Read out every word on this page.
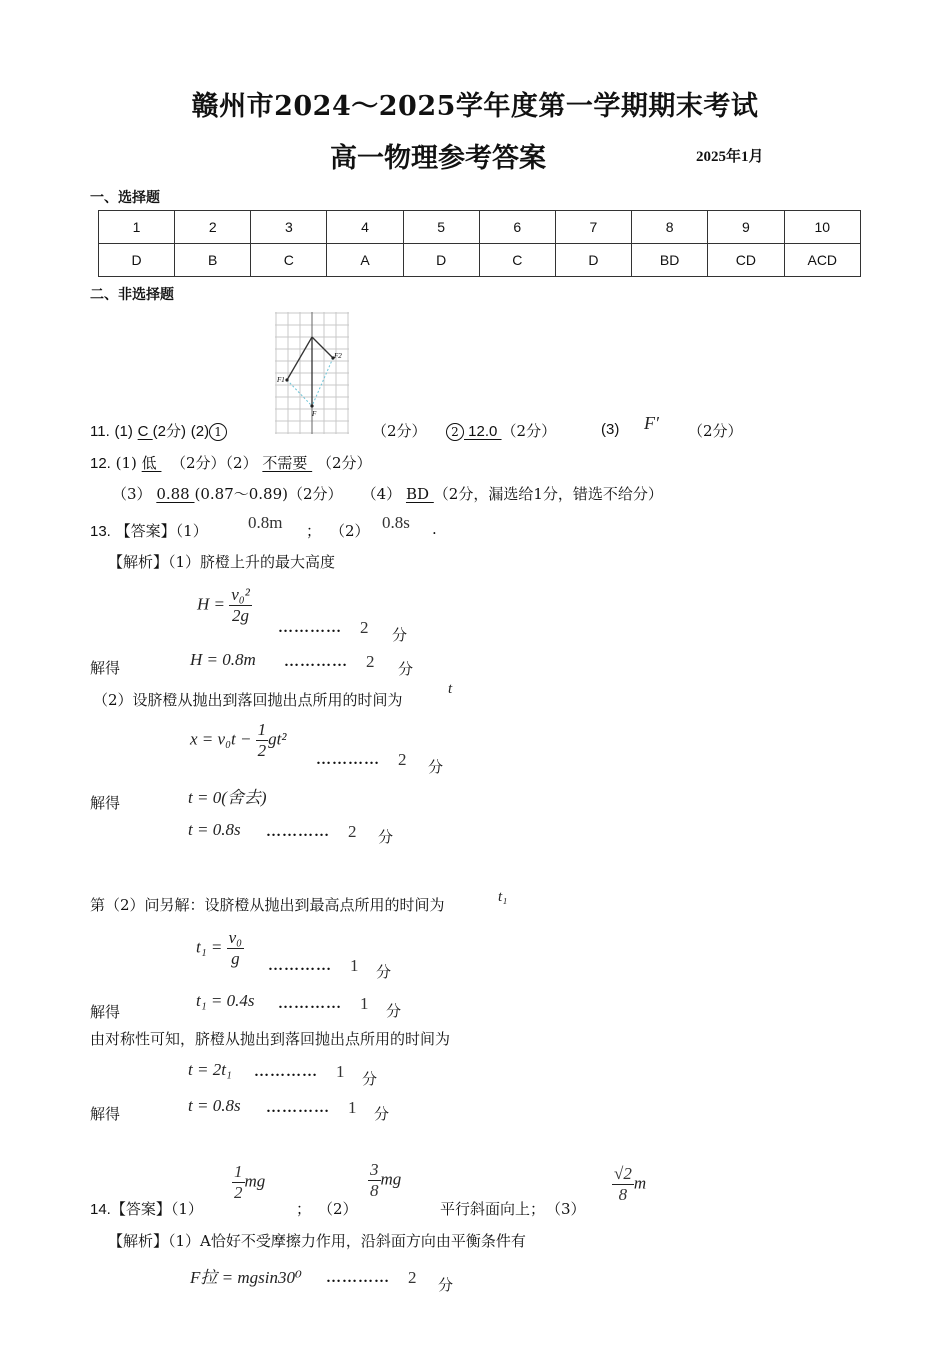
赣州市2024～2025学年度第一学期期末考试
高一物理参考答案	2025年1月
一、选择题
1	2	3	4	5	6	7	8	9	10
D	B	C	A	D	C	D	BD	CD	ACD
二、非选择题
F1
F2
F
11. (1) C (2分) (2) 1	（2分）	2 12.0 （2分）	(3) F′ （2分）
12. (1) 低   （2分）（2） 不需要  （2分）
（3） 0.88 (0.87～0.89)（2分） （4） BD （2分，漏选给1分，错选不给分）
13. 【答案】（1） 0.8m ； （2） 0.8s .
【解析】（1）脐橙上升的最大高度
$H = \frac{\text{v₀²}}{2g}$
………… 2 分
解得	H = 0.8m ………… 2 分
（2）设脐橙从抛出到落回抛出点所用的时间为
t
$x = v_0t - \frac{1}{2} gt^2$
………… 2 分
解得	t = 0(舍去)
t = 0.8s ………… 2 分
第（2）问另解：设脐橙从抛出到最高点所用的时间为	t₁
$t_1 = \frac{\text{v₀}}{g}$ ………… 1 分
解得
t₁ = 0.4s ………… 1 分
由对称性可知，脐橙从抛出到落回抛出点所用的时间为
t = 2t₁ ………… 1 分
解得	t = 0.8s ………… 1 分
14.【答案】（1）
$\frac{1}{2}$ mg
； （2）
$\frac{3}{8}$ mg
平行斜面向上； （3）
$\frac{√2}{8}$ m
【解析】（1）A恰好不受摩擦力作用，沿斜面方向由平衡条件有
F拉 = mgsin30⁰ ………… 2 分
